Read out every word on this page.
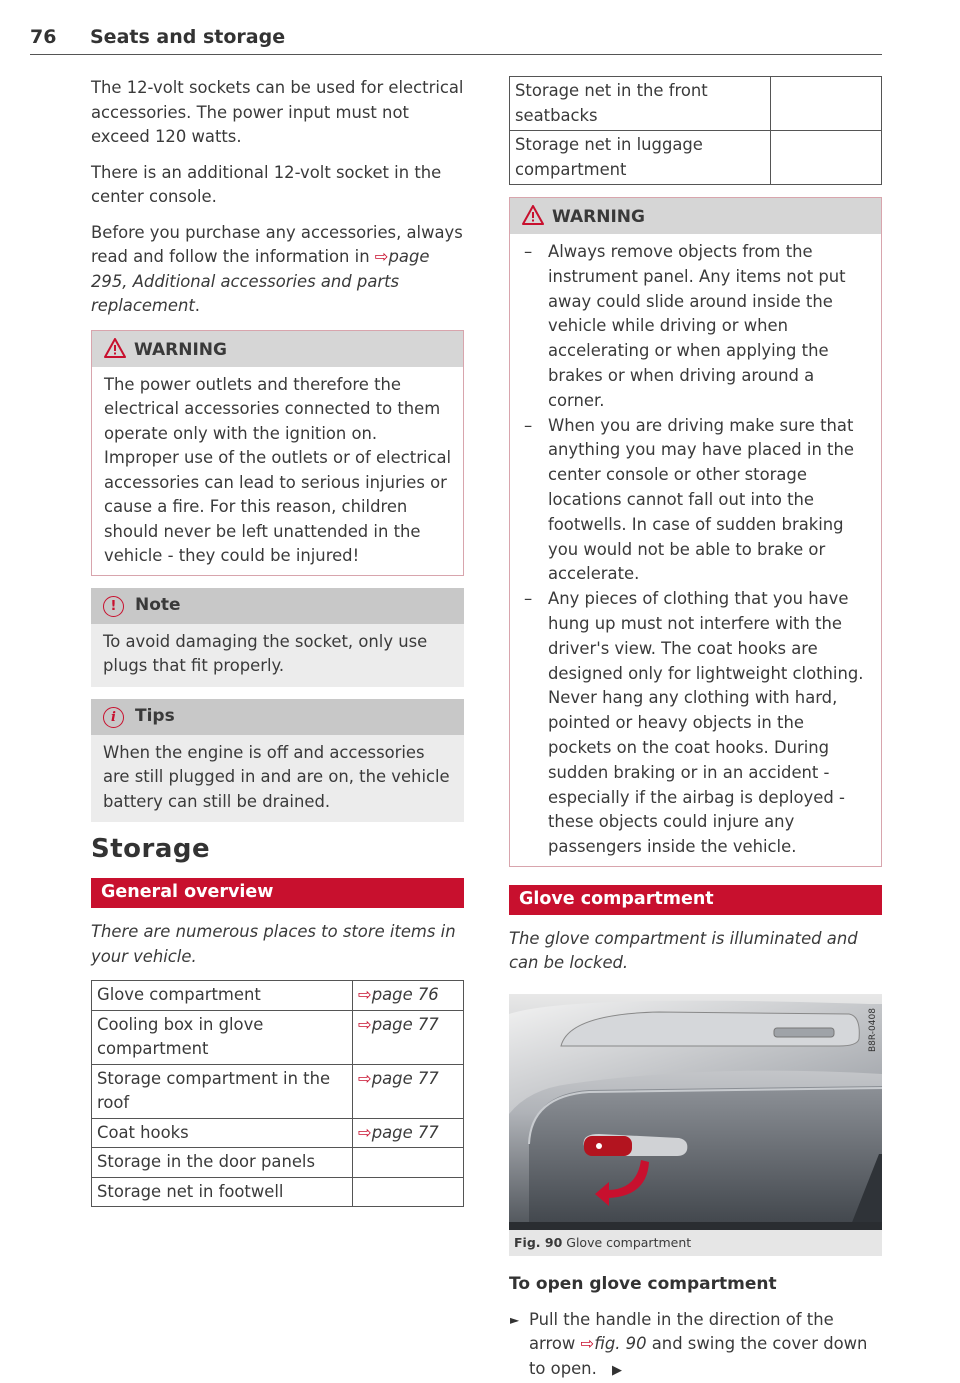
76 Seats and storage

The 12-volt sockets can be used for electrical accessories. The power input must not exceed 120 watts.

There is an additional 12-volt socket in the center console.

Before you purchase any accessories, always read and follow the information in ⇨page 295, Additional accessories and parts replacement.

WARNING

The power outlets and therefore the electrical accessories connected to them operate only with the ignition on. Improper use of the outlets or of electrical accessories can lead to serious injuries or cause a fire. For this reason, children should never be left unattended in the vehicle - they could be injured!

! Note

To avoid damaging the socket, only use plugs that fit properly.

i Tips

When the engine is off and accessories are still plugged in and are on, the vehicle battery can still be drained.

Storage
General overview

There are numerous places to store items in your vehicle.

Glove compartment	⇨page 76
Cooling box in glove compartment	⇨page 77
Storage compartment in the roof	⇨page 77
Coat hooks	⇨page 77
Storage in the door panels	
Storage net in footwell	
Storage net in the front seatbacks	
Storage net in luggage compartment	
WARNING
– Always remove objects from the instrument panel. Any items not put away could slide around inside the vehicle while driving or when accelerating or when applying the brakes or when driving around a corner.
– When you are driving make sure that anything you may have placed in the center console or other storage locations cannot fall out into the footwells. In case of sudden braking you would not be able to brake or accelerate.
– Any pieces of clothing that you have hung up must not interfere with the driver's view. The coat hooks are designed only for lightweight clothing. Never hang any clothing with hard, pointed or heavy objects in the pockets on the coat hooks. During sudden braking or in an accident - especially if the airbag is deployed - these objects could injure any passengers inside the vehicle.
Glove compartment

The glove compartment is illuminated and can be locked.

B8R-0408
Fig. 90 Glove compartment
To open glove compartment
► Pull the handle in the direction of the arrow ⇨fig. 90 and swing the cover down to open. ▶
